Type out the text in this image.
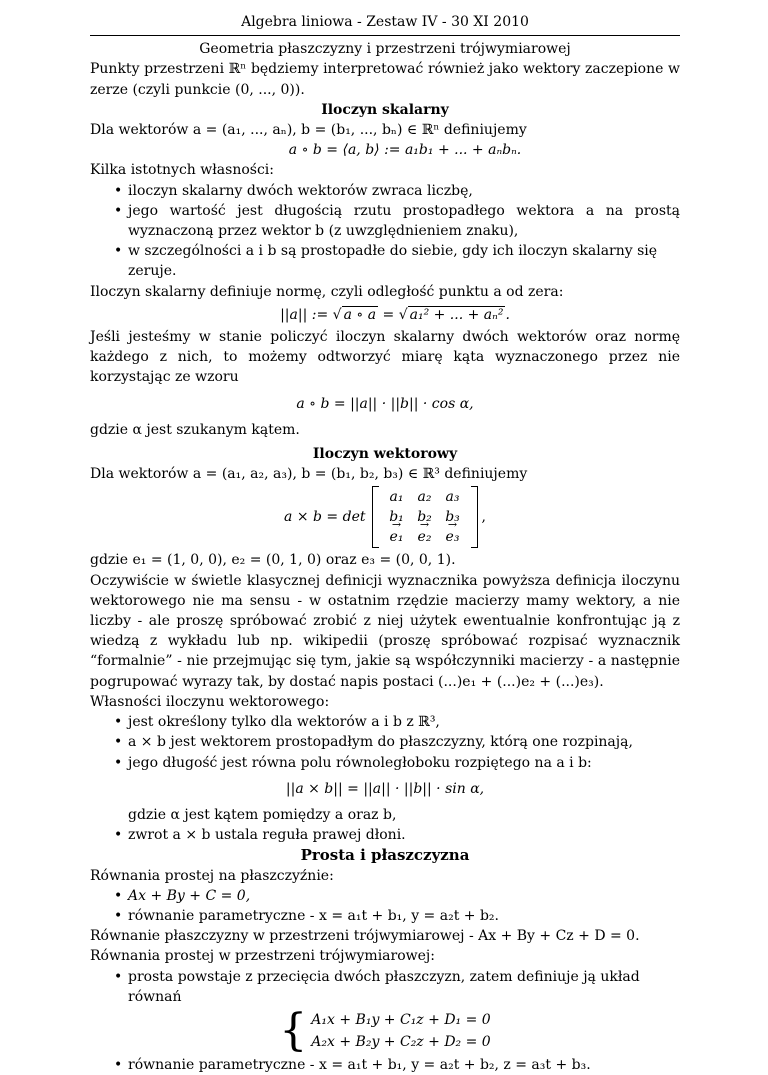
Algebra liniowa - Zestaw IV - 30 XI 2010
Geometria płaszczyzny i przestrzeni trójwymiarowej
Punkty przestrzeni ℝⁿ będziemy interpretować również jako wektory zaczepione w zerze (czyli punkcie (0, ..., 0)).
Iloczyn skalarny
Dla wektorów a = (a₁, ..., aₙ), b = (b₁, ..., bₙ) ∈ ℝⁿ definiujemy
a ∘ b = ⟨a, b⟩ := a₁b₁ + ... + aₙbₙ.
Kilka istotnych własności:
• iloczyn skalarny dwóch wektorów zwraca liczbę,
• jego wartość jest długością rzutu prostopadłego wektora a na prostą wyznaczoną przez wektor b (z uwzględnieniem znaku),
• w szczególności a i b są prostopadłe do siebie, gdy ich iloczyn skalarny się zeruje.
Iloczyn skalarny definiuje normę, czyli odległość punktu a od zera:
||a|| := √ a ∘ a = √ a₁² + ... + aₙ² .
Jeśli jesteśmy w stanie policzyć iloczyn skalarny dwóch wektorów oraz normę każdego z nich, to możemy odtworzyć miarę kąta wyznaczonego przez nie korzystając ze wzoru
a ∘ b = ||a|| · ||b|| · cos α,
gdzie α jest szukanym kątem.
Iloczyn wektorowy
Dla wektorów a = (a₁, a₂, a₃), b = (b₁, b₂, b₃) ∈ ℝ³ definiujemy
a × b = det
a₁	a₂	a₃
b₁ b₂ b₃
→ e₁	→ e₂	→ e₃
,
gdzie e₁ = (1, 0, 0), e₂ = (0, 1, 0) oraz e₃ = (0, 0, 1).
Oczywiście w świetle klasycznej definicji wyznacznika powyższa definicja iloczynu wektorowego nie ma sensu - w ostatnim rzędzie macierzy mamy wektory, a nie liczby - ale proszę spróbować zrobić z niej użytek ewentualnie konfrontując ją z wiedzą z wykładu lub np. wikipedii (proszę spróbować rozpisać wyznacznik “formalnie” - nie przejmując się tym, jakie są współczynniki macierzy - a następnie pogrupować wyrazy tak, by dostać napis postaci (...)e₁ + (...)e₂ + (...)e₃).
Własności iloczynu wektorowego:
• jest określony tylko dla wektorów a i b z ℝ³,
• a × b jest wektorem prostopadłym do płaszczyzny, którą one rozpinają,
• jego długość jest równa polu równoległoboku rozpiętego na a i b:
||a × b|| = ||a|| · ||b|| · sin α,
gdzie α jest kątem pomiędzy a oraz b,
• zwrot a × b ustala reguła prawej dłoni.
Prosta i płaszczyzna
Równania prostej na płaszczyźnie:
• Ax + By + C = 0,
• równanie parametryczne - x = a₁t + b₁, y = a₂t + b₂.
Równanie płaszczyzny w przestrzeni trójwymiarowej - Ax + By + Cz + D = 0.
Równania prostej w przestrzeni trójwymiarowej:
• prosta powstaje z przecięcia dwóch płaszczyzn, zatem definiuje ją układ równań
{ A₁x + B₁y + C₁z + D₁ = 0
A₂x + B₂y + C₂z + D₂ = 0
• równanie parametryczne - x = a₁t + b₁, y = a₂t + b₂, z = a₃t + b₃.
